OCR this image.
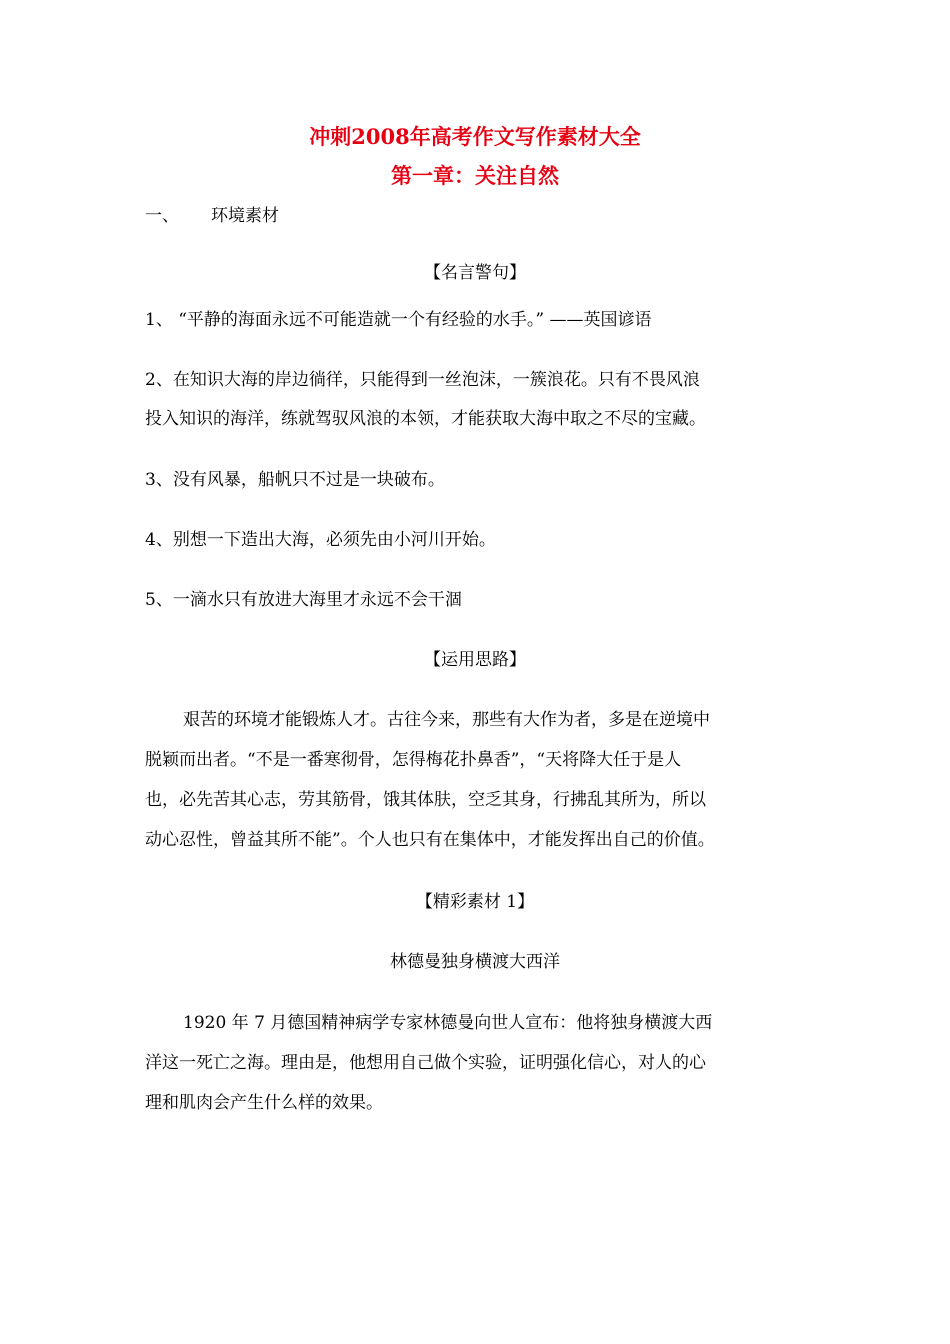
冲刺2008年高考作文写作素材大全
第一章：关注自然
一、 环境素材
【名言警句】
1、 “平静的海面永远不可能造就一个有经验的水手。” ——英国谚语
2、在知识大海的岸边徜徉，只能得到一丝泡沫，一簇浪花。只有不畏风浪
投入知识的海洋，练就驾驭风浪的本领，才能获取大海中取之不尽的宝藏。
3、没有风暴，船帆只不过是一块破布。
4、别想一下造出大海，必须先由小河川开始。
5、一滴水只有放进大海里才永远不会干涸
【运用思路】
艰苦的环境才能锻炼人才。古往今来，那些有大作为者，多是在逆境中
脱颖而出者。“不是一番寒彻骨，怎得梅花扑鼻香”，“天将降大任于是人
也，必先苦其心志，劳其筋骨，饿其体肤，空乏其身，行拂乱其所为，所以
动心忍性，曾益其所不能”。个人也只有在集体中，才能发挥出自己的价值。
【精彩素材 1】
林德曼独身横渡大西洋
1920 年 7 月德国精神病学专家林德曼向世人宣布：他将独身横渡大西
洋这一死亡之海。理由是，他想用自己做个实验，证明强化信心，对人的心
理和肌肉会产生什么样的效果。
